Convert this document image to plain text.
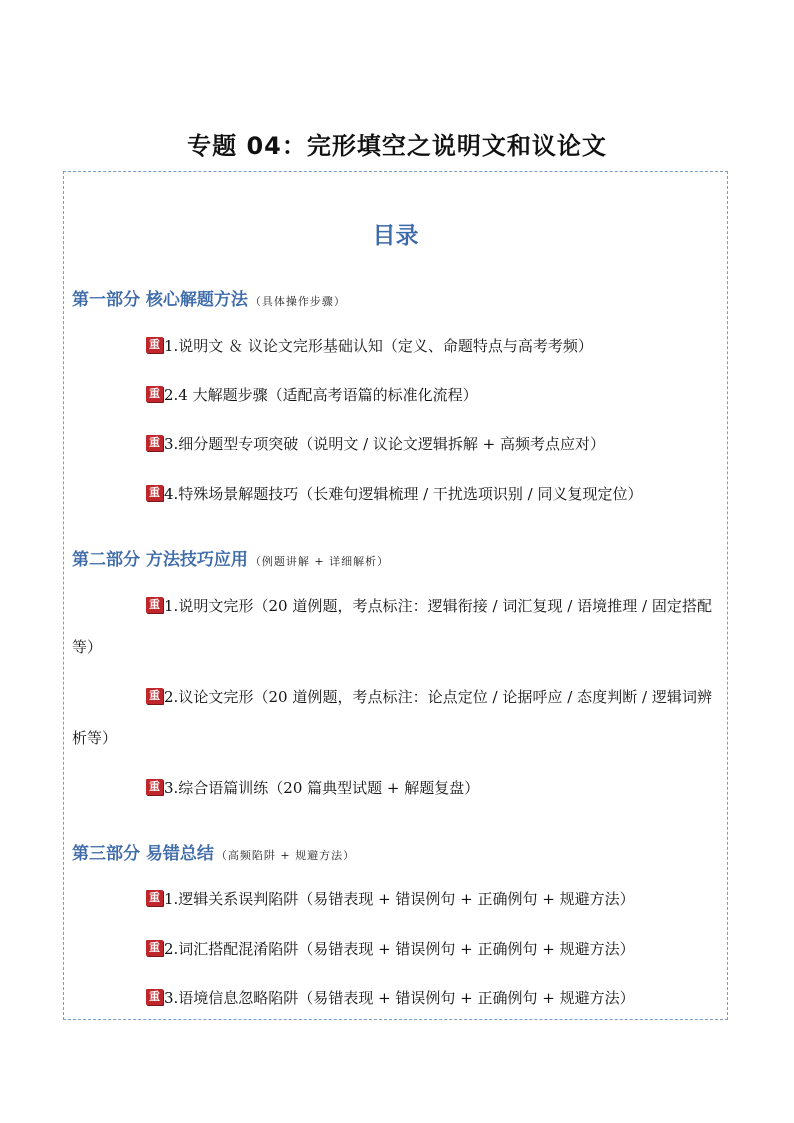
专题 04：完形填空之说明文和议论文
目录
第一部分 核心解题方法 （具体操作步骤）
重 1.说明文 ＆ 议论文完形基础认知（定义、命题特点与高考考频）
重 2.4 大解题步骤（适配高考语篇的标准化流程）
重 3.细分题型专项突破（说明文 / 议论文逻辑拆解 + 高频考点应对）
重 4.特殊场景解题技巧（长难句逻辑梳理 / 干扰选项识别 / 同义复现定位）
第二部分 方法技巧应用 （例题讲解 + 详细解析）
重 1.说明文完形（20 道例题，考点标注：逻辑衔接 / 词汇复现 / 语境推理 / 固定搭配等）
重 2.议论文完形（20 道例题，考点标注：论点定位 / 论据呼应 / 态度判断 / 逻辑词辨析等）
重 3.综合语篇训练（20 篇典型试题 + 解题复盘）
第三部分 易错总结 （高频陷阱 + 规避方法）
重 1.逻辑关系误判陷阱（易错表现 + 错误例句 + 正确例句 + 规避方法）
重 2.词汇搭配混淆陷阱（易错表现 + 错误例句 + 正确例句 + 规避方法）
重 3.语境信息忽略陷阱（易错表现 + 错误例句 + 正确例句 + 规避方法）
